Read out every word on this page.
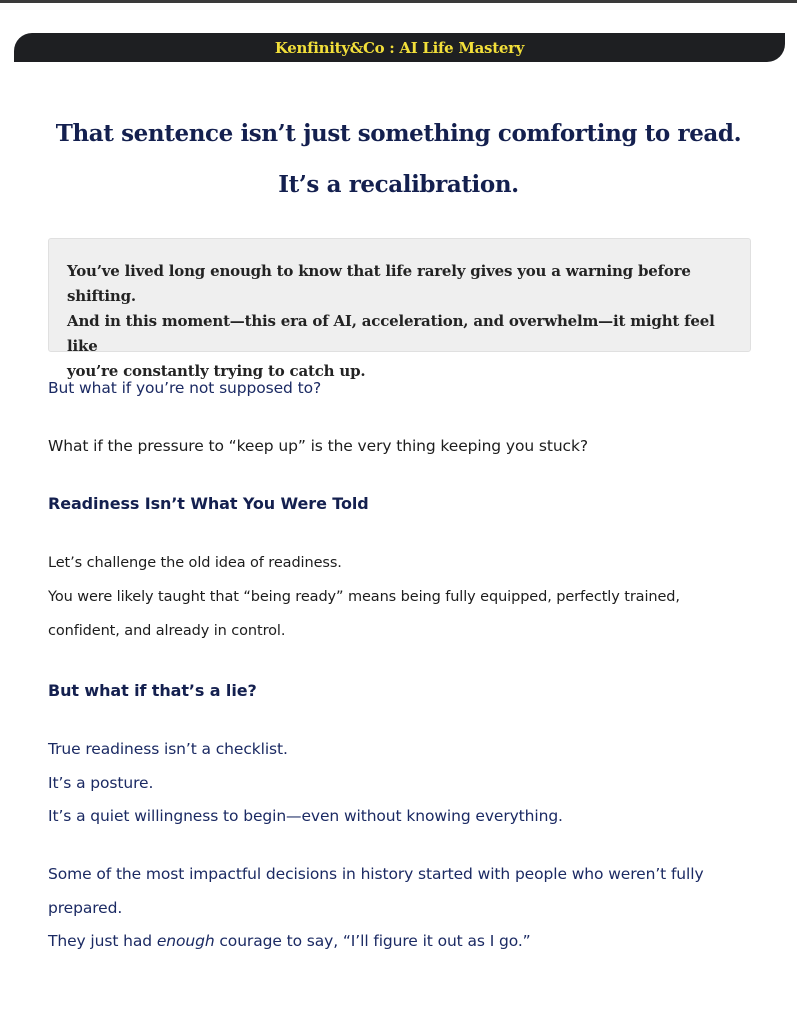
Kenfinity&Co : AI Life Mastery
That sentence isn’t just something comforting to read.
It’s a recalibration.

You’ve lived long enough to know that life rarely gives you a warning before shifting.

And in this moment—this era of AI, acceleration, and overwhelm—it might feel like

you’re constantly trying to catch up.

But what if you’re not supposed to?

What if the pressure to “keep up” is the very thing keeping you stuck?

Readiness Isn’t What You Were Told

Let’s challenge the old idea of readiness.

You were likely taught that “being ready” means being fully equipped, perfectly trained,

confident, and already in control.

But what if that’s a lie?

True readiness isn’t a checklist.

It’s a posture.

It’s a quiet willingness to begin—even without knowing everything.

Some of the most impactful decisions in history started with people who weren’t fully

prepared.

They just had enough courage to say, “I’ll figure it out as I go.”
